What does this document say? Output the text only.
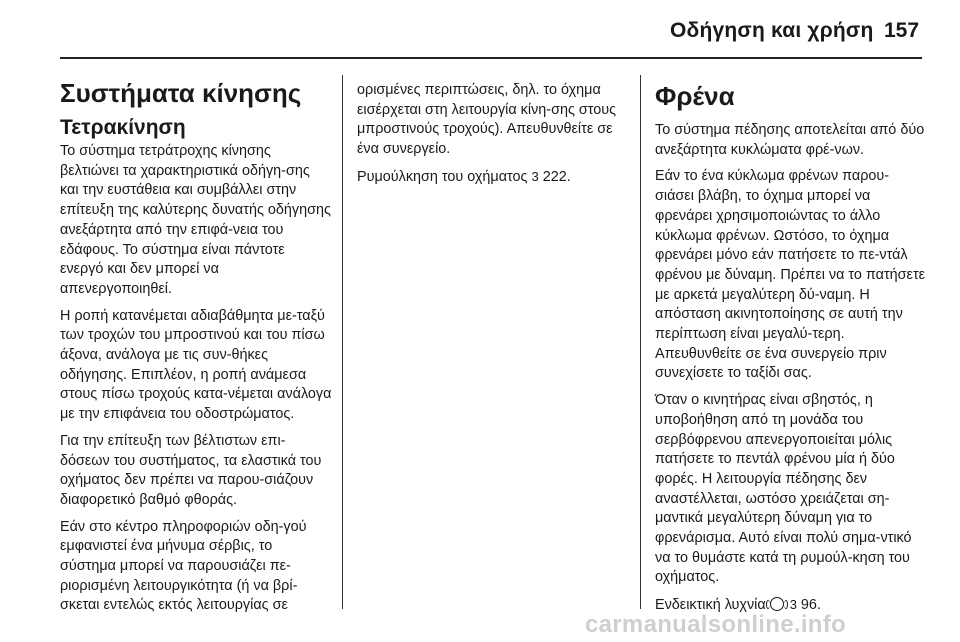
Οδήγηση και χρήση 157
Συστήματα κίνησης
Τετρακίνηση

Το σύστημα τετράτροχης κίνησης βελτιώνει τα χαρακτηριστικά οδήγη-σης και την ευστάθεια και συμβάλλει στην επίτευξη της καλύτερης δυνατής οδήγησης ανεξάρτητα από την επιφά-νεια του εδάφους. Το σύστημα είναι πάντοτε ενεργό και δεν μπορεί να απενεργοποιηθεί.

Η ροπή κατανέμεται αδιαβάθμητα με-ταξύ των τροχών του μπροστινού και του πίσω άξονα, ανάλογα με τις συν-θήκες οδήγησης. Επιπλέον, η ροπή ανάμεσα στους πίσω τροχούς κατα-νέμεται ανάλογα με την επιφάνεια του οδοστρώματος.

Για την επίτευξη των βέλτιστων επι-δόσεων του συστήματος, τα ελαστικά του οχήματος δεν πρέπει να παρου-σιάζουν διαφορετικό βαθμό φθοράς.

Εάν στο κέντρο πληροφοριών οδη-γού εμφανιστεί ένα μήνυμα σέρβις, το σύστημα μπορεί να παρουσιάζει πε-ριορισμένη λειτουργικότητα (ή να βρί-σκεται εντελώς εκτός λειτουργίας σε

ορισμένες περιπτώσεις, δηλ. το όχημα εισέρχεται στη λειτουργία κίνη-σης στους μπροστινούς τροχούς). Απευθυνθείτε σε ένα συνεργείο.

Ρυμούλκηση του οχήματος 3 222.

Φρένα

Το σύστημα πέδησης αποτελείται από δύο ανεξάρτητα κυκλώματα φρέ-νων.

Εάν το ένα κύκλωμα φρένων παρου-σιάσει βλάβη, το όχημα μπορεί να φρενάρει χρησιμοποιώντας το άλλο κύκλωμα φρένων. Ωστόσο, το όχημα φρενάρει μόνο εάν πατήσετε το πε-ντάλ φρένου με δύναμη. Πρέπει να το πατήσετε με αρκετά μεγαλύτερη δύ-ναμη. Η απόσταση ακινητοποίησης σε αυτή την περίπτωση είναι μεγαλύ-τερη. Απευθυνθείτε σε ένα συνεργείο πριν συνεχίσετε το ταξίδι σας.

Όταν ο κινητήρας είναι σβηστός, η υποβοήθηση από τη μονάδα του σερβόφρενου απενεργοποιείται μόλις πατήσετε το πεντάλ φρένου μία ή δύο φορές. Η λειτουργία πέδησης δεν αναστέλλεται, ωστόσο χρειάζεται ση-μαντικά μεγαλύτερη δύναμη για το φρενάρισμα. Αυτό είναι πολύ σημα-ντικό να το θυμάστε κατά τη ρυμούλ-κηση του οχήματος.

Ενδεικτική λυχνία 3 96.

carmanualsonline.info
